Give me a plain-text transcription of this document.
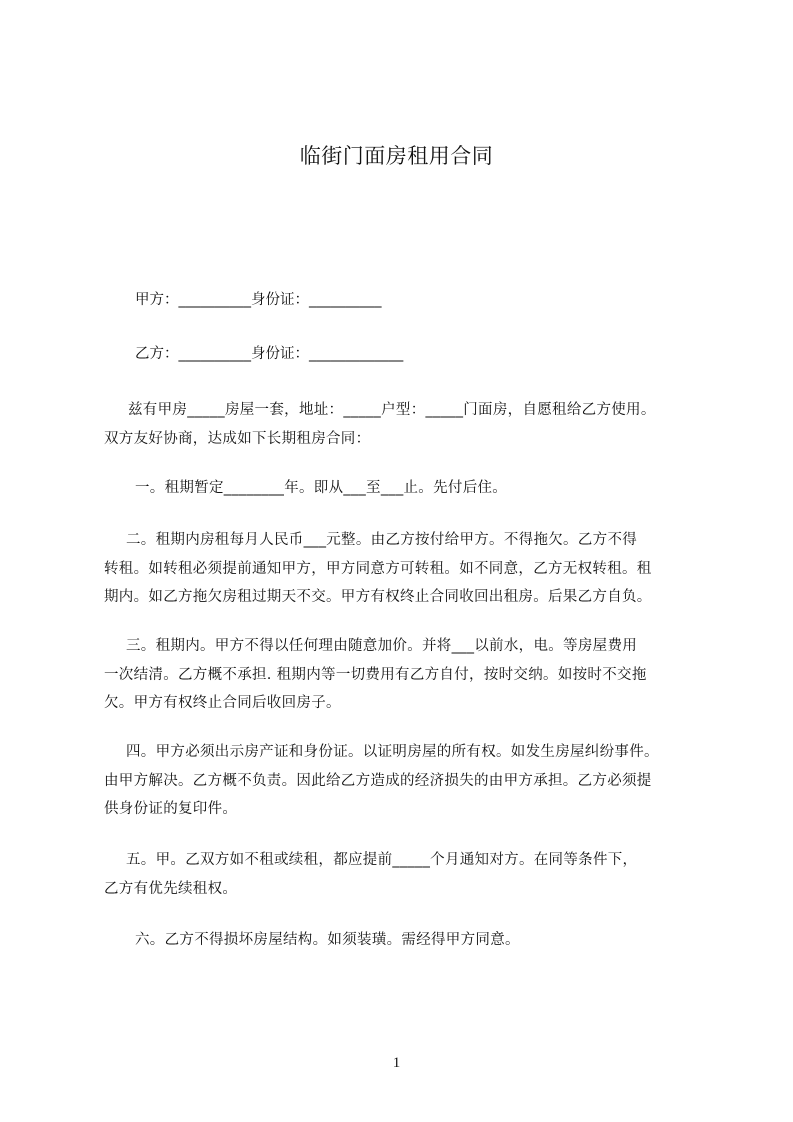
临街门面房租用合同
甲方：__________身份证：__________
乙方：__________身份证：_____________

兹有甲房_____房屋一套，地址：_____户型：_____门面房，自愿租给乙方使用。

双方友好协商，达成如下长期租房合同：

一。租期暂定________年。即从___至___止。先付后住。

二。租期内房租每月人民币___元整。由乙方按付给甲方。不得拖欠。乙方不得

转租。如转租必须提前通知甲方，甲方同意方可转租。如不同意，乙方无权转租。租

期内。如乙方拖欠房租过期天不交。甲方有权终止合同收回出租房。后果乙方自负。

三。租期内。甲方不得以任何理由随意加价。并将___以前水，电。等房屋费用

一次结清。乙方概不承担. 租期内等一切费用有乙方自付，按时交纳。如按时不交拖

欠。甲方有权终止合同后收回房子。

四。甲方必须出示房产证和身份证。以证明房屋的所有权。如发生房屋纠纷事件。

由甲方解决。乙方概不负责。因此给乙方造成的经济损失的由甲方承担。乙方必须提

供身份证的复印件。

五。甲。乙双方如不租或续租，都应提前_____个月通知对方。在同等条件下，

乙方有优先续租权。

六。乙方不得损坏房屋结构。如须装璜。需经得甲方同意。

1
